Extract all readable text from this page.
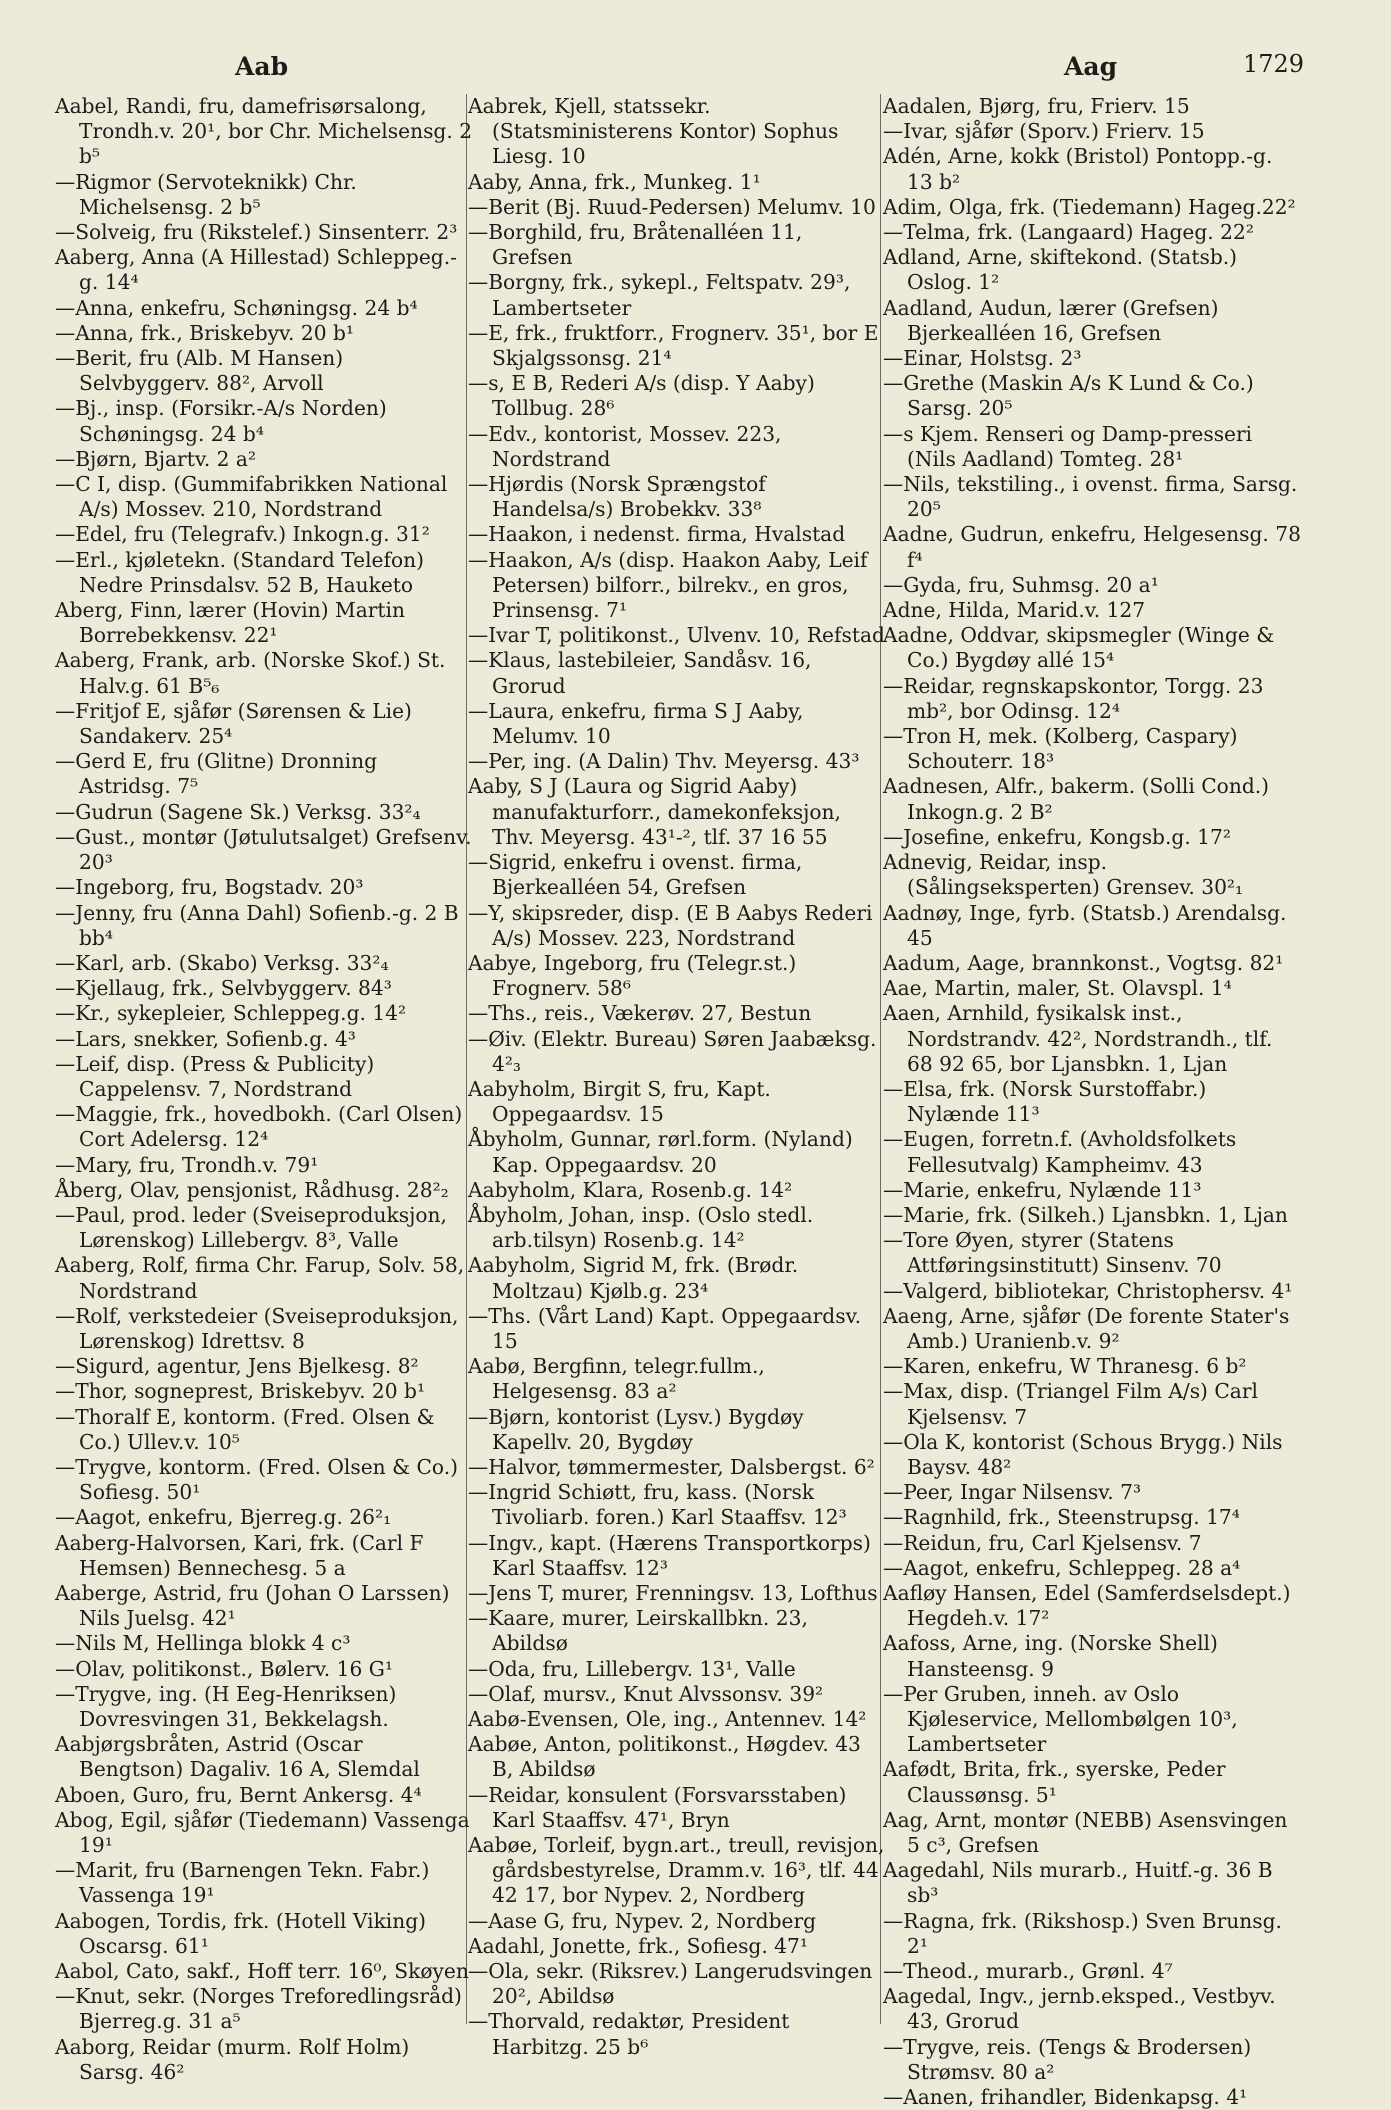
Aab	Aag	1729

Aabel, Randi, fru, damefrisørsalong, Trondh.v. 20¹, bor Chr. Michelsensg. 2 b⁵

—Rigmor (Servoteknikk) Chr. Michelsensg. 2 b⁵

—Solveig, fru (Rikstelef.) Sinsenterr. 2³

Aaberg, Anna (A Hillestad) Schleppeg.-g. 14⁴

—Anna, enkefru, Schøningsg. 24 b⁴

—Anna, frk., Briskebyv. 20 b¹

—Berit, fru (Alb. M Hansen) Selvbyggerv. 88², Arvoll

—Bj., insp. (Forsikr.-A/s Norden) Schøningsg. 24 b⁴

—Bjørn, Bjartv. 2 a²

—C I, disp. (Gummifabrikken National A/s) Mossev. 210, Nordstrand

—Edel, fru (Telegrafv.) Inkogn.g. 31²

—Erl., kjøletekn. (Standard Telefon) Nedre Prinsdalsv. 52 B, Hauketo

Aberg, Finn, lærer (Hovin) Martin Borrebekkensv. 22¹

Aaberg, Frank, arb. (Norske Skof.) St. Halv.g. 61 B⁵₆

—Fritjof E, sjåfør (Sørensen & Lie) Sandakerv. 25⁴

—Gerd E, fru (Glitne) Dronning Astridsg. 7⁵

—Gudrun (Sagene Sk.) Verksg. 33²₄

—Gust., montør (Jøtulutsalget) Grefsenv. 20³

—Ingeborg, fru, Bogstadv. 20³

—Jenny, fru (Anna Dahl) Sofienb.-g. 2 B bb⁴

—Karl, arb. (Skabo) Verksg. 33²₄

—Kjellaug, frk., Selvbyggerv. 84³

—Kr., sykepleier, Schleppeg.g. 14²

—Lars, snekker, Sofienb.g. 4³

—Leif, disp. (Press & Publicity) Cappelensv. 7, Nordstrand

—Maggie, frk., hovedbokh. (Carl Olsen) Cort Adelersg. 12⁴

—Mary, fru, Trondh.v. 79¹

Åberg, Olav, pensjonist, Rådhusg. 28²₂

—Paul, prod. leder (Sveiseproduksjon, Lørenskog) Lillebergv. 8³, Valle

Aaberg, Rolf, firma Chr. Farup, Solv. 58, Nordstrand

—Rolf, verkstedeier (Sveiseproduksjon, Lørenskog) Idrettsv. 8

—Sigurd, agentur, Jens Bjelkesg. 8²

—Thor, sogneprest, Briskebyv. 20 b¹

—Thoralf E, kontorm. (Fred. Olsen & Co.) Ullev.v. 10⁵

—Trygve, kontorm. (Fred. Olsen & Co.) Sofiesg. 50¹

—Aagot, enkefru, Bjerreg.g. 26²₁

Aaberg-Halvorsen, Kari, frk. (Carl F Hemsen) Bennechesg. 5 a

Aaberge, Astrid, fru (Johan O Larssen) Nils Juelsg. 42¹

—Nils M, Hellinga blokk 4 c³

—Olav, politikonst., Bølerv. 16 G¹

—Trygve, ing. (H Eeg-Henriksen) Dovresvingen 31, Bekkelagsh.

Aabjørgsbråten, Astrid (Oscar Bengtson) Dagaliv. 16 A, Slemdal

Aboen, Guro, fru, Bernt Ankersg. 4⁴

Abog, Egil, sjåfør (Tiedemann) Vassenga 19¹

—Marit, fru (Barnengen Tekn. Fabr.) Vassenga 19¹

Aabogen, Tordis, frk. (Hotell Viking) Oscarsg. 61¹

Aabol, Cato, sakf., Hoff terr. 16⁰, Skøyen

—Knut, sekr. (Norges Treforedlingsråd) Bjerreg.g. 31 a⁵

Aaborg, Reidar (murm. Rolf Holm) Sarsg. 46²

Aabrek, Kjell, statssekr. (Statsministerens Kontor) Sophus Liesg. 10

Aaby, Anna, frk., Munkeg. 1¹

—Berit (Bj. Ruud-Pedersen) Melumv. 10

—Borghild, fru, Bråtenalléen 11, Grefsen

—Borgny, frk., sykepl., Feltspatv. 29³, Lambertseter

—E, frk., fruktforr., Frognerv. 35¹, bor E Skjalgssonsg. 21⁴

—s, E B, Rederi A/s (disp. Y Aaby) Tollbug. 28⁶

—Edv., kontorist, Mossev. 223, Nordstrand

—Hjørdis (Norsk Sprængstof Handelsa/s) Brobekkv. 33⁸

—Haakon, i nedenst. firma, Hvalstad

—Haakon, A/s (disp. Haakon Aaby, Leif Petersen) bilforr., bilrekv., en gros, Prinsensg. 7¹

—Ivar T, politikonst., Ulvenv. 10, Refstad

—Klaus, lastebileier, Sandåsv. 16, Grorud

—Laura, enkefru, firma S J Aaby, Melumv. 10

—Per, ing. (A Dalin) Thv. Meyersg. 43³

Aaby, S J (Laura og Sigrid Aaby) manufakturforr., damekonfeksjon, Thv. Meyersg. 43¹-², tlf. 37 16 55

—Sigrid, enkefru i ovenst. firma, Bjerkealléen 54, Grefsen

—Y, skipsreder, disp. (E B Aabys Rederi A/s) Mossev. 223, Nordstrand

Aabye, Ingeborg, fru (Telegr.st.) Frognerv. 58⁶

—Ths., reis., Vækerøv. 27, Bestun

—Øiv. (Elektr. Bureau) Søren Jaabæksg. 4²₃

Aabyholm, Birgit S, fru, Kapt. Oppegaardsv. 15

Åbyholm, Gunnar, rørl.form. (Nyland) Kap. Oppegaardsv. 20

Aabyholm, Klara, Rosenb.g. 14²

Åbyholm, Johan, insp. (Oslo stedl. arb.tilsyn) Rosenb.g. 14²

Aabyholm, Sigrid M, frk. (Brødr. Moltzau) Kjølb.g. 23⁴

—Ths. (Vårt Land) Kapt. Oppegaardsv. 15

Aabø, Bergfinn, telegr.fullm., Helgesensg. 83 a²

—Bjørn, kontorist (Lysv.) Bygdøy Kapellv. 20, Bygdøy

—Halvor, tømmermester, Dalsbergst. 6²

—Ingrid Schiøtt, fru, kass. (Norsk Tivoliarb. foren.) Karl Staaffsv. 12³

—Ingv., kapt. (Hærens Transportkorps) Karl Staaffsv. 12³

—Jens T, murer, Frenningsv. 13, Lofthus

—Kaare, murer, Leirskallbkn. 23, Abildsø

—Oda, fru, Lillebergv. 13¹, Valle

—Olaf, mursv., Knut Alvssonsv. 39²

Aabø-Evensen, Ole, ing., Antennev. 14²

Aabøe, Anton, politikonst., Høgdev. 43 B, Abildsø

—Reidar, konsulent (Forsvarsstaben) Karl Staaffsv. 47¹, Bryn

Aabøe, Torleif, bygn.art., treull, revisjon, gårdsbestyrelse, Dramm.v. 16³, tlf. 44 42 17, bor Nypev. 2, Nordberg

—Aase G, fru, Nypev. 2, Nordberg

Aadahl, Jonette, frk., Sofiesg. 47¹

—Ola, sekr. (Riksrev.) Langerudsvingen 20², Abildsø

—Thorvald, redaktør, President Harbitzg. 25 b⁶

Aadalen, Bjørg, fru, Frierv. 15

—Ivar, sjåfør (Sporv.) Frierv. 15

Adén, Arne, kokk (Bristol) Pontopp.-g. 13 b²

Adim, Olga, frk. (Tiedemann) Hageg.22²

—Telma, frk. (Langaard) Hageg. 22²

Adland, Arne, skiftekond. (Statsb.) Oslog. 1²

Aadland, Audun, lærer (Grefsen) Bjerkealléen 16, Grefsen

—Einar, Holstsg. 2³

—Grethe (Maskin A/s K Lund & Co.) Sarsg. 20⁵

—s Kjem. Renseri og Damp-presseri (Nils Aadland) Tomteg. 28¹

—Nils, tekstiling., i ovenst. firma, Sarsg. 20⁵

Aadne, Gudrun, enkefru, Helgesensg. 78 f⁴

—Gyda, fru, Suhmsg. 20 a¹

Adne, Hilda, Marid.v. 127

Aadne, Oddvar, skipsmegler (Winge & Co.) Bygdøy allé 15⁴

—Reidar, regnskapskontor, Torgg. 23 mb², bor Odinsg. 12⁴

—Tron H, mek. (Kolberg, Caspary) Schouterr. 18³

Aadnesen, Alfr., bakerm. (Solli Cond.) Inkogn.g. 2 B²

—Josefine, enkefru, Kongsb.g. 17²

Adnevig, Reidar, insp. (Sålingseksperten) Grensev. 30²₁

Aadnøy, Inge, fyrb. (Statsb.) Arendalsg. 45

Aadum, Aage, brannkonst., Vogtsg. 82¹

Aae, Martin, maler, St. Olavspl. 1⁴

Aaen, Arnhild, fysikalsk inst., Nordstrandv. 42², Nordstrandh., tlf. 68 92 65, bor Ljansbkn. 1, Ljan

—Elsa, frk. (Norsk Surstoffabr.) Nylænde 11³

—Eugen, forretn.f. (Avholdsfolkets Fellesutvalg) Kampheimv. 43

—Marie, enkefru, Nylænde 11³

—Marie, frk. (Silkeh.) Ljansbkn. 1, Ljan

—Tore Øyen, styrer (Statens Attføringsinstitutt) Sinsenv. 70

—Valgerd, bibliotekar, Christophersv. 4¹

Aaeng, Arne, sjåfør (De forente Stater's Amb.) Uranienb.v. 9²

—Karen, enkefru, W Thranesg. 6 b²

—Max, disp. (Triangel Film A/s) Carl Kjelsensv. 7

—Ola K, kontorist (Schous Brygg.) Nils Baysv. 48²

—Peer, Ingar Nilsensv. 7³

—Ragnhild, frk., Steenstrupsg. 17⁴

—Reidun, fru, Carl Kjelsensv. 7

—Aagot, enkefru, Schleppeg. 28 a⁴

Aafløy Hansen, Edel (Samferdselsdept.) Hegdeh.v. 17²

Aafoss, Arne, ing. (Norske Shell) Hansteensg. 9

—Per Gruben, inneh. av Oslo Kjøleservice, Mellombølgen 10³, Lambertseter

Aafødt, Brita, frk., syerske, Peder Claussønsg. 5¹

Aag, Arnt, montør (NEBB) Asensvingen 5 c³, Grefsen

Aagedahl, Nils murarb., Huitf.-g. 36 B sb³

—Ragna, frk. (Rikshosp.) Sven Brunsg. 2¹

—Theod., murarb., Grønl. 4⁷

Aagedal, Ingv., jernb.eksped., Vestbyv. 43, Grorud

—Trygve, reis. (Tengs & Brodersen) Strømsv. 80 a²

—Aanen, frihandler, Bidenkapsg. 4¹
